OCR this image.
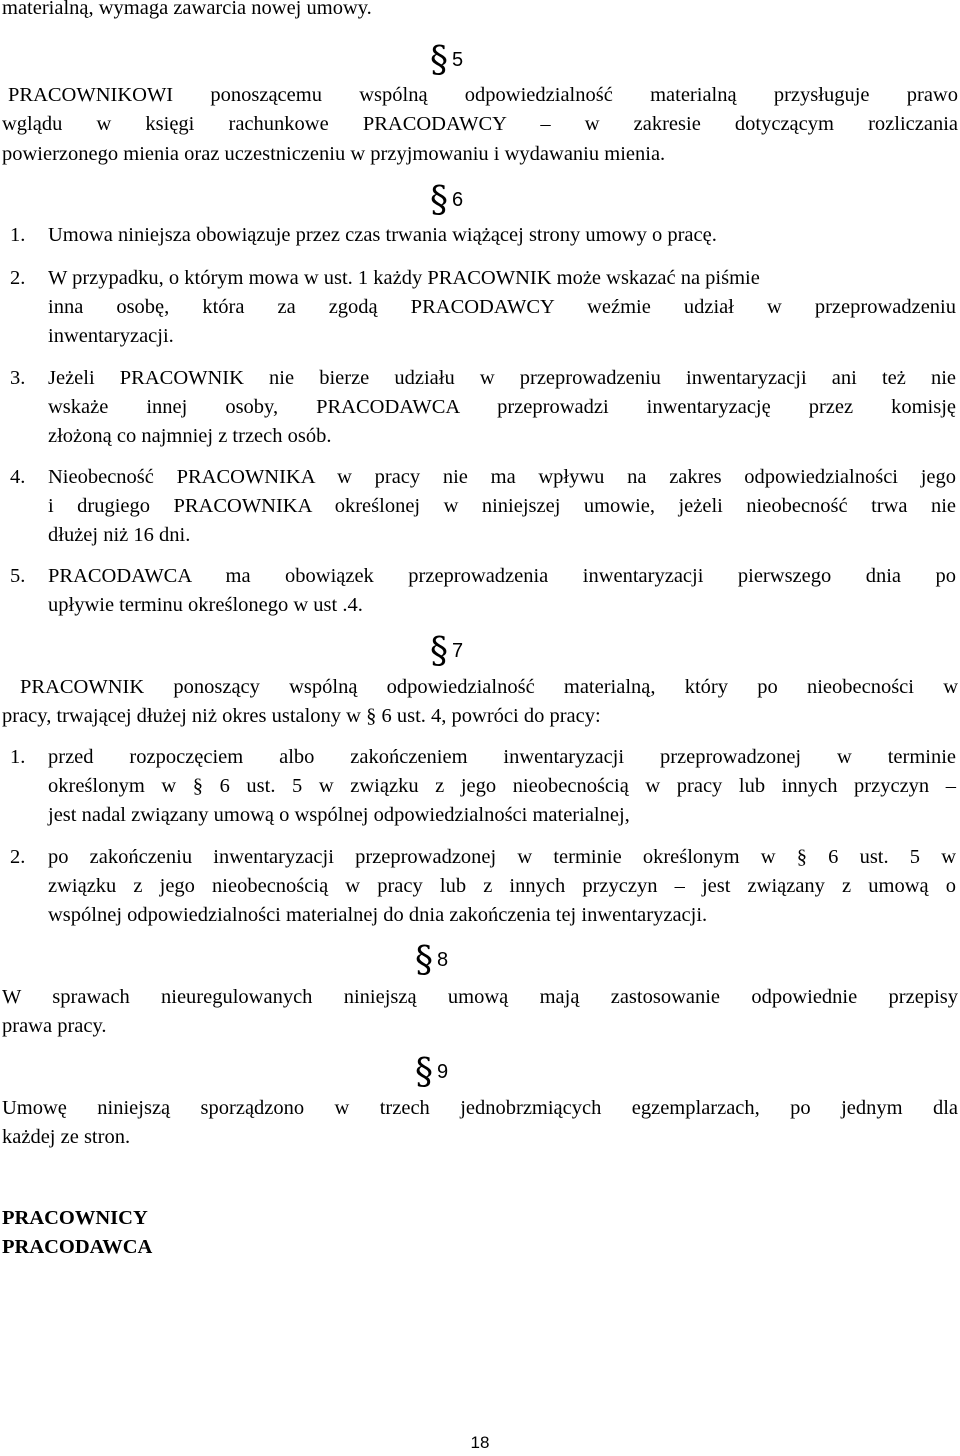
materialną, wymaga zawarcia nowej umowy.
§ 5
PRACOWNIKOWI ponoszącemu wspólną odpowiedzialność materialną przysługuje prawo
wglądu w księgi rachunkowe PRACODAWCY – w zakresie dotyczącym rozliczania
powierzonego mienia oraz uczestniczeniu w przyjmowaniu i wydawaniu mienia.
§ 6
1. Umowa niniejsza obowiązuje przez czas trwania wiążącej strony umowy o pracę.
2. W przypadku, o którym mowa w ust. 1 każdy PRACOWNIK może wskazać na piśmie
inna osobę, która za zgodą PRACODAWCY weźmie udział w przeprowadzeniu
inwentaryzacji.
3. Jeżeli PRACOWNIK nie bierze udziału w przeprowadzeniu inwentaryzacji ani też nie
wskaże innej osoby, PRACODAWCA przeprowadzi inwentaryzację przez komisję
złożoną co najmniej z trzech osób.
4. Nieobecność PRACOWNIKA w pracy nie ma wpływu na zakres odpowiedzialności jego
i drugiego PRACOWNIKA określonej w niniejszej umowie, jeżeli nieobecność trwa nie
dłużej niż 16 dni.
5. PRACODAWCA ma obowiązek przeprowadzenia inwentaryzacji pierwszego dnia po
upływie terminu określonego w ust .4.
§ 7
PRACOWNIK ponoszący wspólną odpowiedzialność materialną, który po nieobecności w
pracy, trwającej dłużej niż okres ustalony w § 6 ust. 4, powróci do pracy:
1. przed rozpoczęciem albo zakończeniem inwentaryzacji przeprowadzonej w terminie
określonym w § 6 ust. 5 w związku z jego nieobecnością w pracy lub innych przyczyn –
jest nadal związany umową o wspólnej odpowiedzialności materialnej,
2. po zakończeniu inwentaryzacji przeprowadzonej w terminie określonym w § 6 ust. 5 w
związku z jego nieobecnością w pracy lub z innych przyczyn – jest związany z umową o
wspólnej odpowiedzialności materialnej do dnia zakończenia tej inwentaryzacji.
§ 8
W sprawach nieuregulowanych niniejszą umową mają zastosowanie odpowiednie przepisy
prawa pracy.
§ 9
Umowę niniejszą sporządzono w trzech jednobrzmiących egzemplarzach, po jednym dla
każdej ze stron.
PRACOWNICY
PRACODAWCA
18
